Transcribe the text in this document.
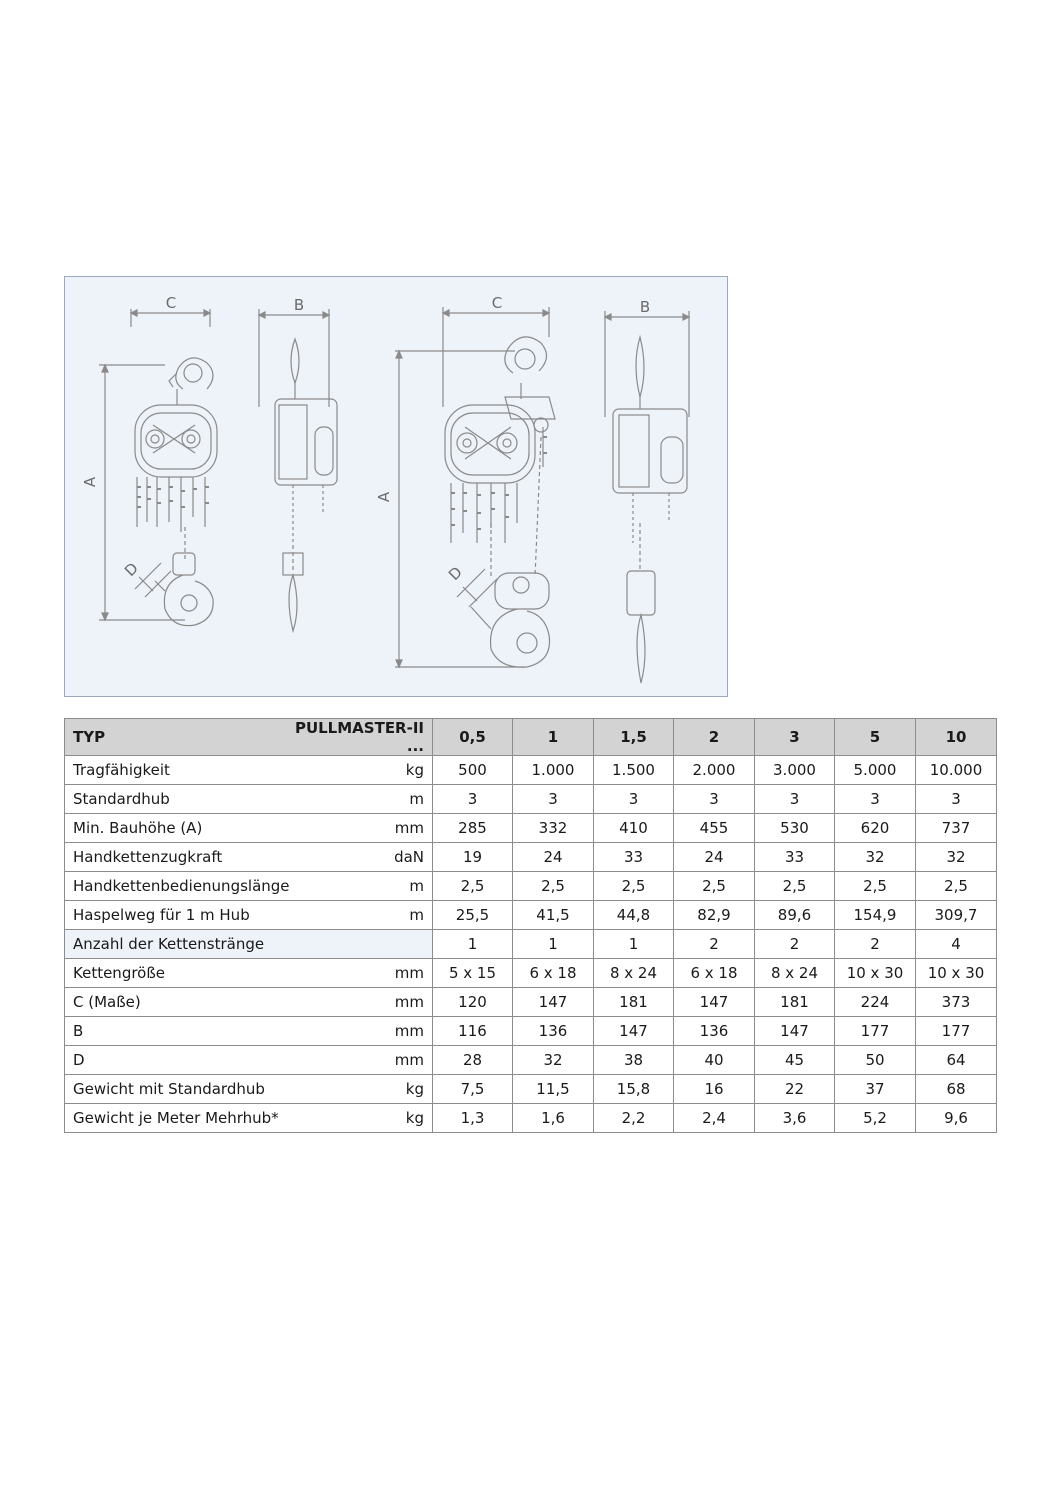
C
A
D
B	C
A
D
B
TYP	PULLMASTER-II ...	0,5	1	1,5	2	3	5	10
Tragfähigkeit	kg	500	1.000	1.500	2.000	3.000	5.000	10.000
Standardhub	m	3	3	3	3	3	3	3
Min. Bauhöhe (A)	mm	285	332	410	455	530	620	737
Handkettenzugkraft	daN	19	24	33	24	33	32	32
Handkettenbedienungslänge	m	2,5	2,5	2,5	2,5	2,5	2,5	2,5
Haspelweg für 1 m Hub	m	25,5	41,5	44,8	82,9	89,6	154,9	309,7
Anzahl der Kettenstränge		1	1	1	2	2	2	4
Kettengröße	mm	5 x 15	6 x 18	8 x 24	6 x 18	8 x 24	10 x 30	10 x 30
C (Maße)	mm	120	147	181	147	181	224	373
B	mm	116	136	147	136	147	177	177
D	mm	28	32	38	40	45	50	64
Gewicht mit Standardhub	kg	7,5	11,5	15,8	16	22	37	68
Gewicht je Meter Mehrhub*	kg	1,3	1,6	2,2	2,4	3,6	5,2	9,6
